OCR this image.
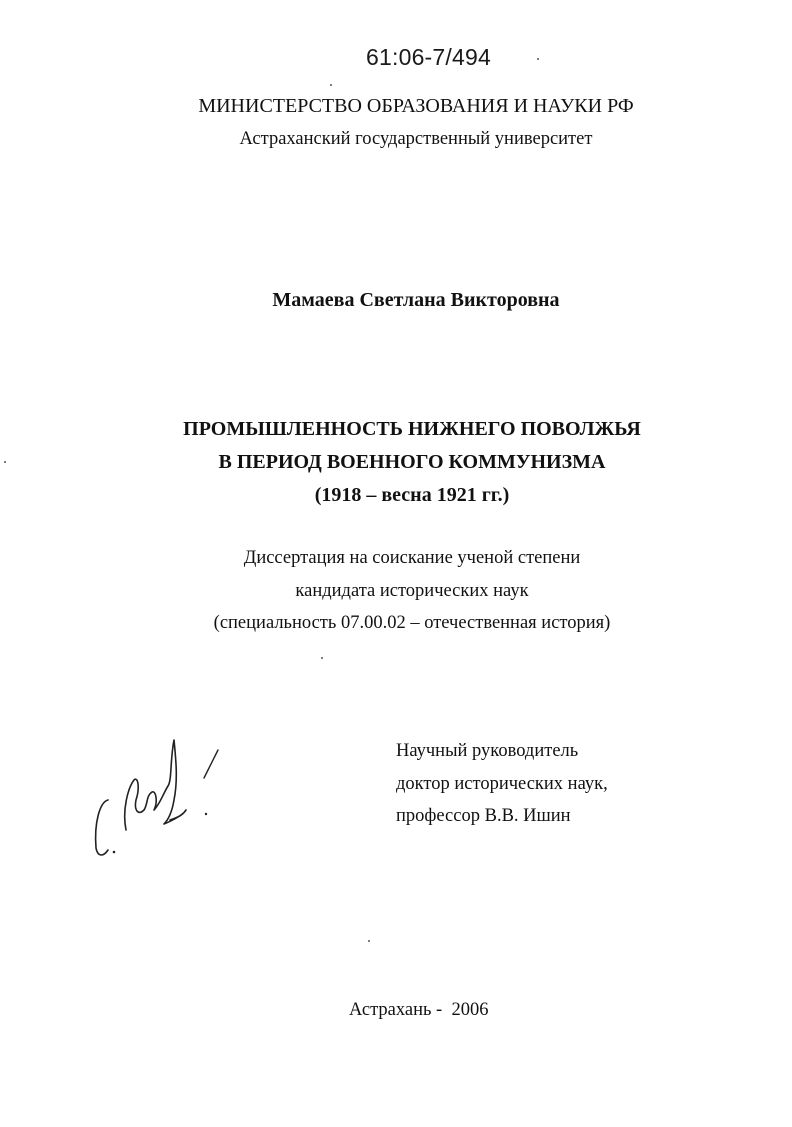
61:06-7/494
МИНИСТЕРСТВО ОБРАЗОВАНИЯ И НАУКИ РФ
Астраханский государственный университет
Мамаева Светлана Викторовна
ПРОМЫШЛЕННОСТЬ НИЖНЕГО ПОВОЛЖЬЯ
В ПЕРИОД ВОЕННОГО КОММУНИЗМА
(1918 – весна 1921 гг.)
Диссертация на соискание ученой степени
кандидата исторических наук
(специальность 07.00.02 – отечественная история)
Научный руководитель
доктор исторических наук,
профессор В.В. Ишин
Астрахань -  2006
